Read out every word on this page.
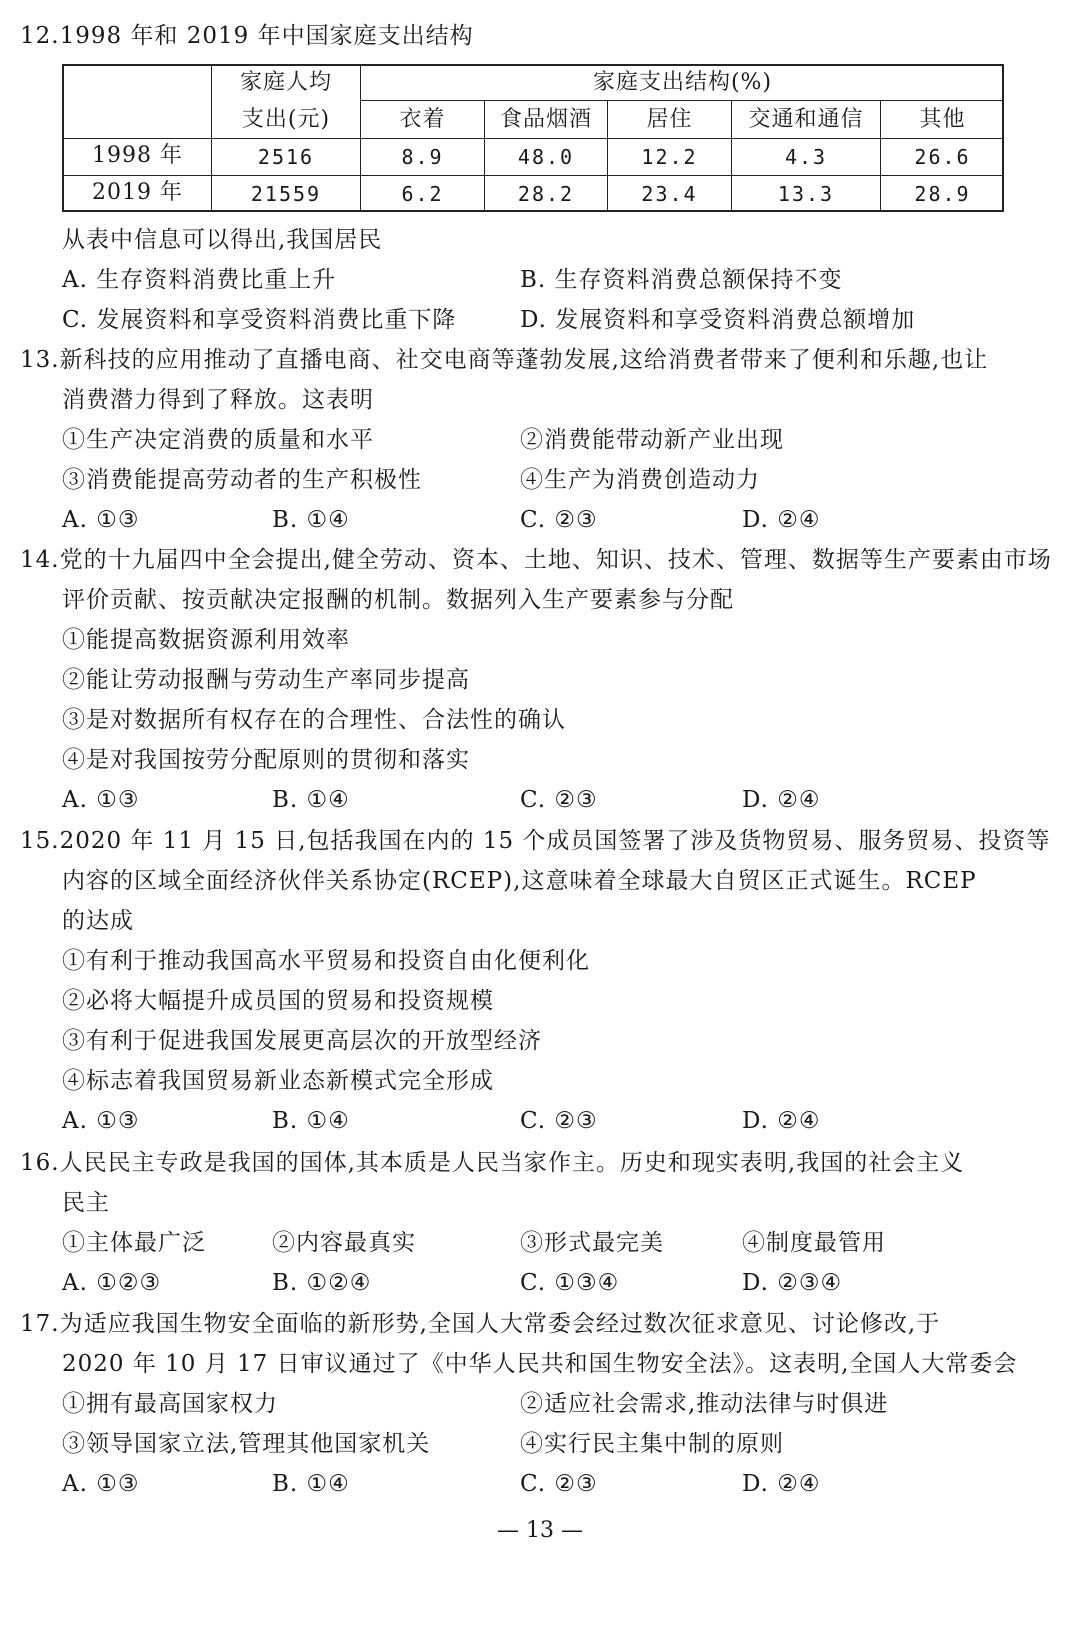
12.1998 年和 2019 年中国家庭支出结构
家庭人均
支出(元)
家庭支出结构(%)
衣着	食品烟酒	居住	交通和通信	其他
1998 年	2516	8.9	48.0	12.2	4.3	26.6
2019 年	21559	6.2	28.2	23.4	13.3	28.9
从表中信息可以得出,我国居民
A. 生存资料消费比重上升	B. 生存资料消费总额保持不变
C. 发展资料和享受资料消费比重下降	D. 发展资料和享受资料消费总额增加
13.新科技的应用推动了直播电商、社交电商等蓬勃发展,这给消费者带来了便利和乐趣,也让
消费潜力得到了释放。这表明
①生产决定消费的质量和水平	②消费能带动新产业出现
③消费能提高劳动者的生产积极性	④生产为消费创造动力
A. ①③	B. ①④	C. ②③	D. ②④
14.党的十九届四中全会提出,健全劳动、资本、土地、知识、技术、管理、数据等生产要素由市场
评价贡献、按贡献决定报酬的机制。数据列入生产要素参与分配
①能提高数据资源利用效率
②能让劳动报酬与劳动生产率同步提高
③是对数据所有权存在的合理性、合法性的确认
④是对我国按劳分配原则的贯彻和落实
A. ①③	B. ①④	C. ②③	D. ②④
15.2020 年 11 月 15 日,包括我国在内的 15 个成员国签署了涉及货物贸易、服务贸易、投资等
内容的区域全面经济伙伴关系协定(RCEP),这意味着全球最大自贸区正式诞生。RCEP
的达成
①有利于推动我国高水平贸易和投资自由化便利化
②必将大幅提升成员国的贸易和投资规模
③有利于促进我国发展更高层次的开放型经济
④标志着我国贸易新业态新模式完全形成
A. ①③	B. ①④	C. ②③	D. ②④
16.人民民主专政是我国的国体,其本质是人民当家作主。历史和现实表明,我国的社会主义
民主
①主体最广泛	②内容最真实	③形式最完美	④制度最管用
A. ①②③	B. ①②④	C. ①③④	D. ②③④
17.为适应我国生物安全面临的新形势,全国人大常委会经过数次征求意见、讨论修改,于
2020 年 10 月 17 日审议通过了《中华人民共和国生物安全法》。这表明,全国人大常委会
①拥有最高国家权力	②适应社会需求,推动法律与时俱进
③领导国家立法,管理其他国家机关	④实行民主集中制的原则
A. ①③	B. ①④	C. ②③	D. ②④
— 13 —
